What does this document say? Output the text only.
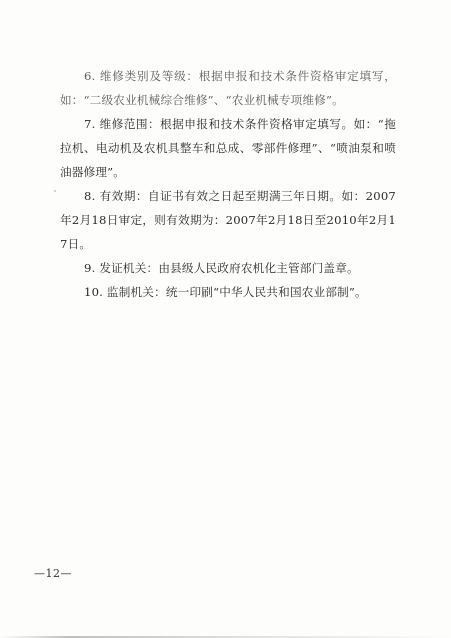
6. 维修类别及等级：根据申报和技术条件资格审定填写，如：“二级农业机械综合维修”、“农业机械专项维修”。

7. 维修范围：根据申报和技术条件资格审定填写。如：“拖拉机、电动机及农机具整车和总成、零部件修理”、“喷油泵和喷油器修理”。

8. 有效期：自证书有效之日起至期满三年日期。如：2007年2月18日审定，则有效期为：2007年2月18日至2010年2月17日。

9. 发证机关：由县级人民政府农机化主管部门盖章。

10. 监制机关：统一印刷“中华人民共和国农业部制”。

—12—
